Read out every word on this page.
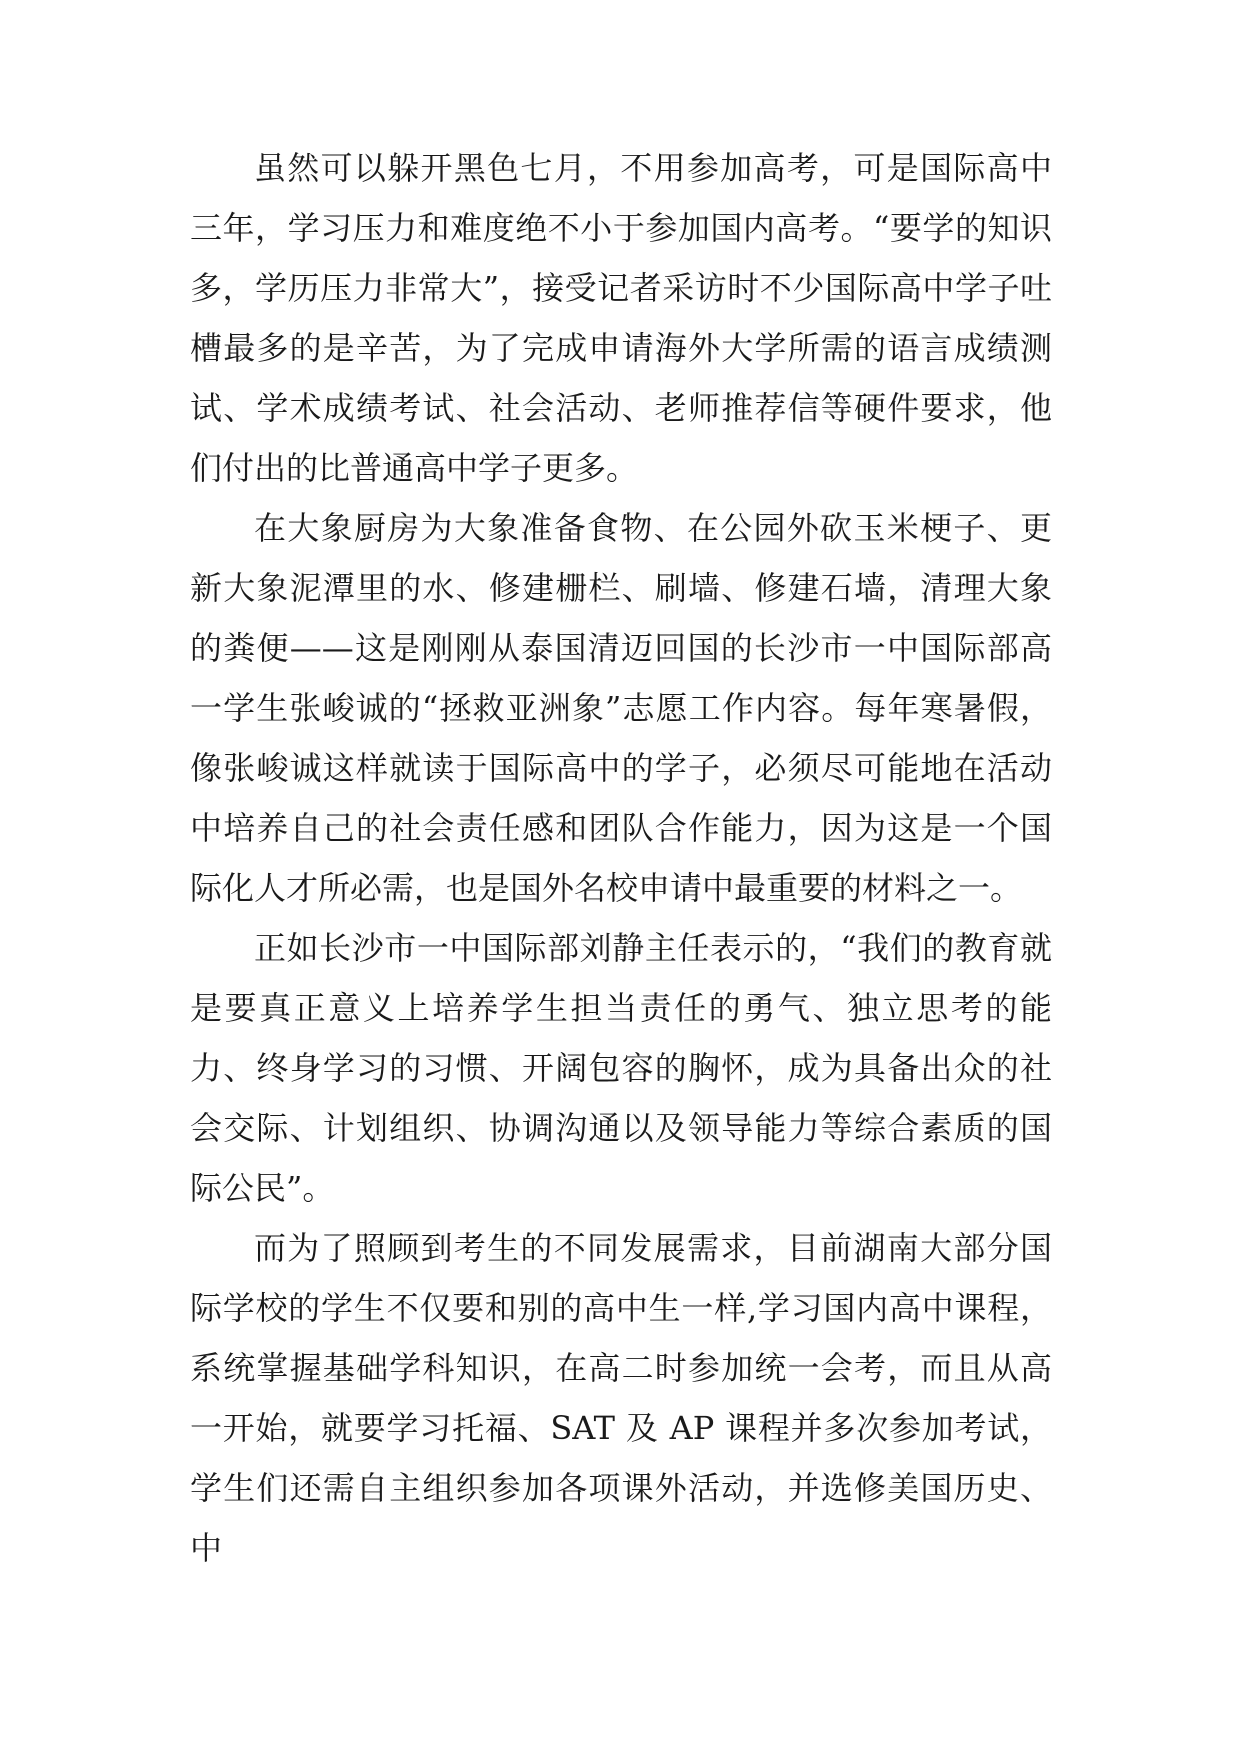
虽然可以躲开黑色七月，不用参加高考，可是国际高中三年，学习压力和难度绝不小于参加国内高考。“要学的知识多，学历压力非常大”，接受记者采访时不少国际高中学子吐槽最多的是辛苦，为了完成申请海外大学所需的语言成绩测试、学术成绩考试、社会活动、老师推荐信等硬件要求，他们付出的比普通高中学子更多。

在大象厨房为大象准备食物、在公园外砍玉米梗子、更新大象泥潭里的水、修建栅栏、刷墙、修建石墙，清理大象的粪便——这是刚刚从泰国清迈回国的长沙市一中国际部高一学生张峻诚的“拯救亚洲象”志愿工作内容。每年寒暑假，像张峻诚这样就读于国际高中的学子，必须尽可能地在活动中培养自己的社会责任感和团队合作能力，因为这是一个国际化人才所必需，也是国外名校申请中最重要的材料之一。

正如长沙市一中国际部刘静主任表示的，“我们的教育就是要真正意义上培养学生担当责任的勇气、独立思考的能力、终身学习的习惯、开阔包容的胸怀，成为具备出众的社会交际、计划组织、协调沟通以及领导能力等综合素质的国际公民”。

而为了照顾到考生的不同发展需求，目前湖南大部分国际学校的学生不仅要和别的高中生一样,学习国内高中课程，系统掌握基础学科知识，在高二时参加统一会考，而且从高一开始，就要学习托福、SAT 及 AP 课程并多次参加考试，学生们还需自主组织参加各项课外活动，并选修美国历史、中
